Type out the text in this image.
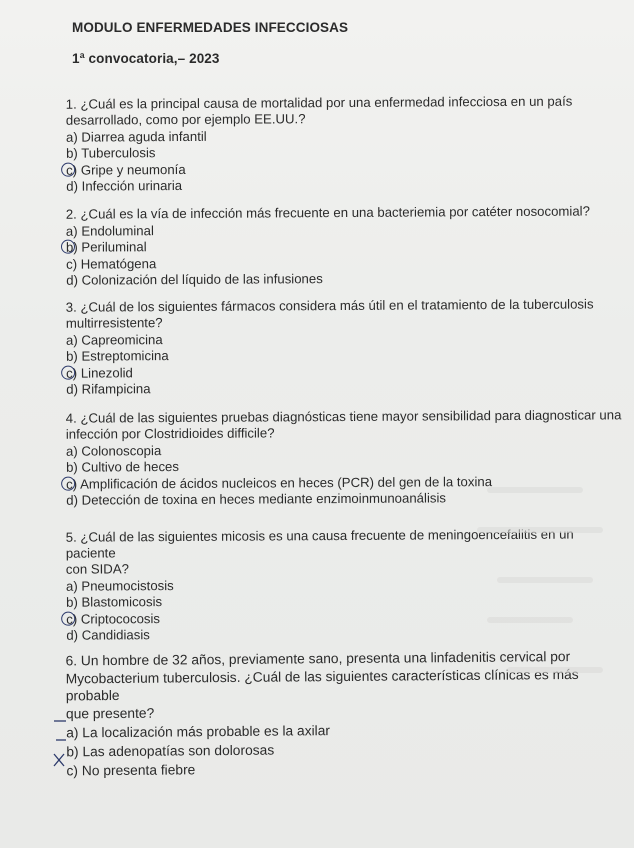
MODULO ENFERMEDADES INFECCIOSAS
1ª convocatoria,– 2023
1. ¿Cuál es la principal causa de mortalidad por una enfermedad infecciosa en un país
desarrollado, como por ejemplo EE.UU.?
a) Diarrea aguda infantil
b) Tuberculosis
c) Gripe y neumonía
d) Infección urinaria
2. ¿Cuál es la vía de infección más frecuente en una bacteriemia por catéter nosocomial?
a) Endoluminal
b) Periluminal
c) Hematógena
d) Colonización del líquido de las infusiones
3. ¿Cuál de los siguientes fármacos considera más útil en el tratamiento de la tuberculosis
multirresistente?
a) Capreomicina
b) Estreptomicina
c) Linezolid
d) Rifampicina
4. ¿Cuál de las siguientes pruebas diagnósticas tiene mayor sensibilidad para diagnosticar una
infección por Clostridioides difficile?
a) Colonoscopia
b) Cultivo de heces
c) Amplificación de ácidos nucleicos en heces (PCR) del gen de la toxina
d) Detección de toxina en heces mediante enzimoinmunoanálisis
5. ¿Cuál de las siguientes micosis es una causa frecuente de meningoencefalitis en un paciente
con SIDA?
a) Pneumocistosis
b) Blastomicosis
c) Criptococosis
d) Candidiasis
6. Un hombre de 32 años, previamente sano, presenta una linfadenitis cervical por
Mycobacterium tuberculosis. ¿Cuál de las siguientes características clínicas es más probable
que presente?
a) La localización más probable es la axilar
b) Las adenopatías son dolorosas
c) No presenta fiebre
